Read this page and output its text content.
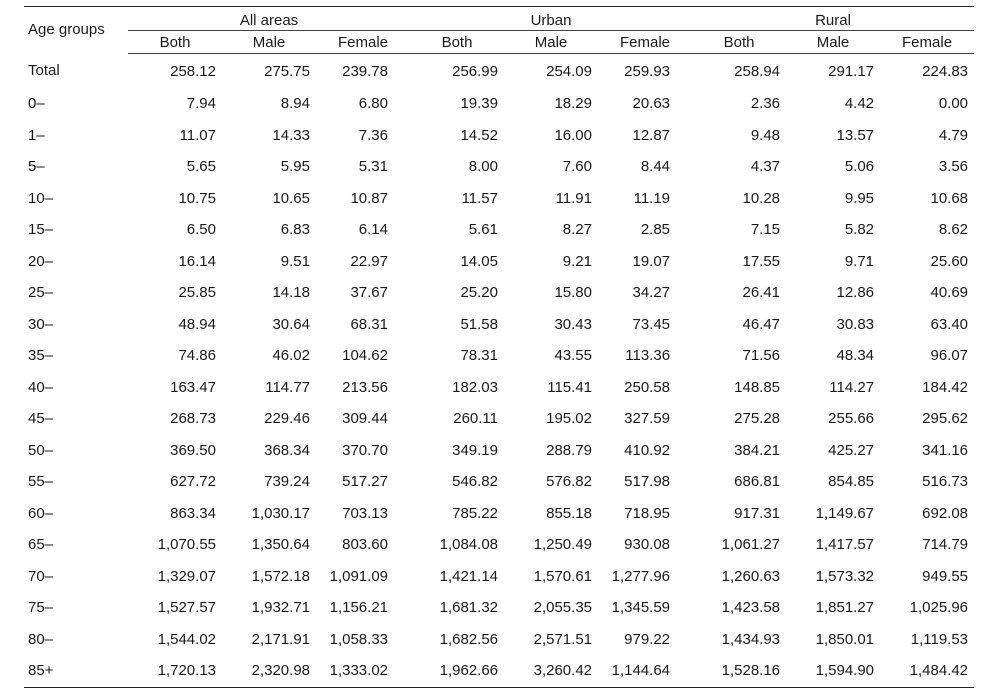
Age groups	All areas			Urban			Rural		
	Both	Male	Female	Both	Male	Female	Both	Male	Female
Total	258.12	275.75	239.78	256.99	254.09	259.93	258.94	291.17	224.83
0–	7.94	8.94	6.80	19.39	18.29	20.63	2.36	4.42	0.00
1–	11.07	14.33	7.36	14.52	16.00	12.87	9.48	13.57	4.79
5–	5.65	5.95	5.31	8.00	7.60	8.44	4.37	5.06	3.56
10–	10.75	10.65	10.87	11.57	11.91	11.19	10.28	9.95	10.68
15–	6.50	6.83	6.14	5.61	8.27	2.85	7.15	5.82	8.62
20–	16.14	9.51	22.97	14.05	9.21	19.07	17.55	9.71	25.60
25–	25.85	14.18	37.67	25.20	15.80	34.27	26.41	12.86	40.69
30–	48.94	30.64	68.31	51.58	30.43	73.45	46.47	30.83	63.40
35–	74.86	46.02	104.62	78.31	43.55	113.36	71.56	48.34	96.07
40–	163.47	114.77	213.56	182.03	115.41	250.58	148.85	114.27	184.42
45–	268.73	229.46	309.44	260.11	195.02	327.59	275.28	255.66	295.62
50–	369.50	368.34	370.70	349.19	288.79	410.92	384.21	425.27	341.16
55–	627.72	739.24	517.27	546.82	576.82	517.98	686.81	854.85	516.73
60–	863.34	1,030.17	703.13	785.22	855.18	718.95	917.31	1,149.67	692.08
65–	1,070.55	1,350.64	803.60	1,084.08	1,250.49	930.08	1,061.27	1,417.57	714.79
70–	1,329.07	1,572.18	1,091.09	1,421.14	1,570.61	1,277.96	1,260.63	1,573.32	949.55
75–	1,527.57	1,932.71	1,156.21	1,681.32	2,055.35	1,345.59	1,423.58	1,851.27	1,025.96
80–	1,544.02	2,171.91	1,058.33	1,682.56	2,571.51	979.22	1,434.93	1,850.01	1,119.53
85+	1,720.13	2,320.98	1,333.02	1,962.66	3,260.42	1,144.64	1,528.16	1,594.90	1,484.42
